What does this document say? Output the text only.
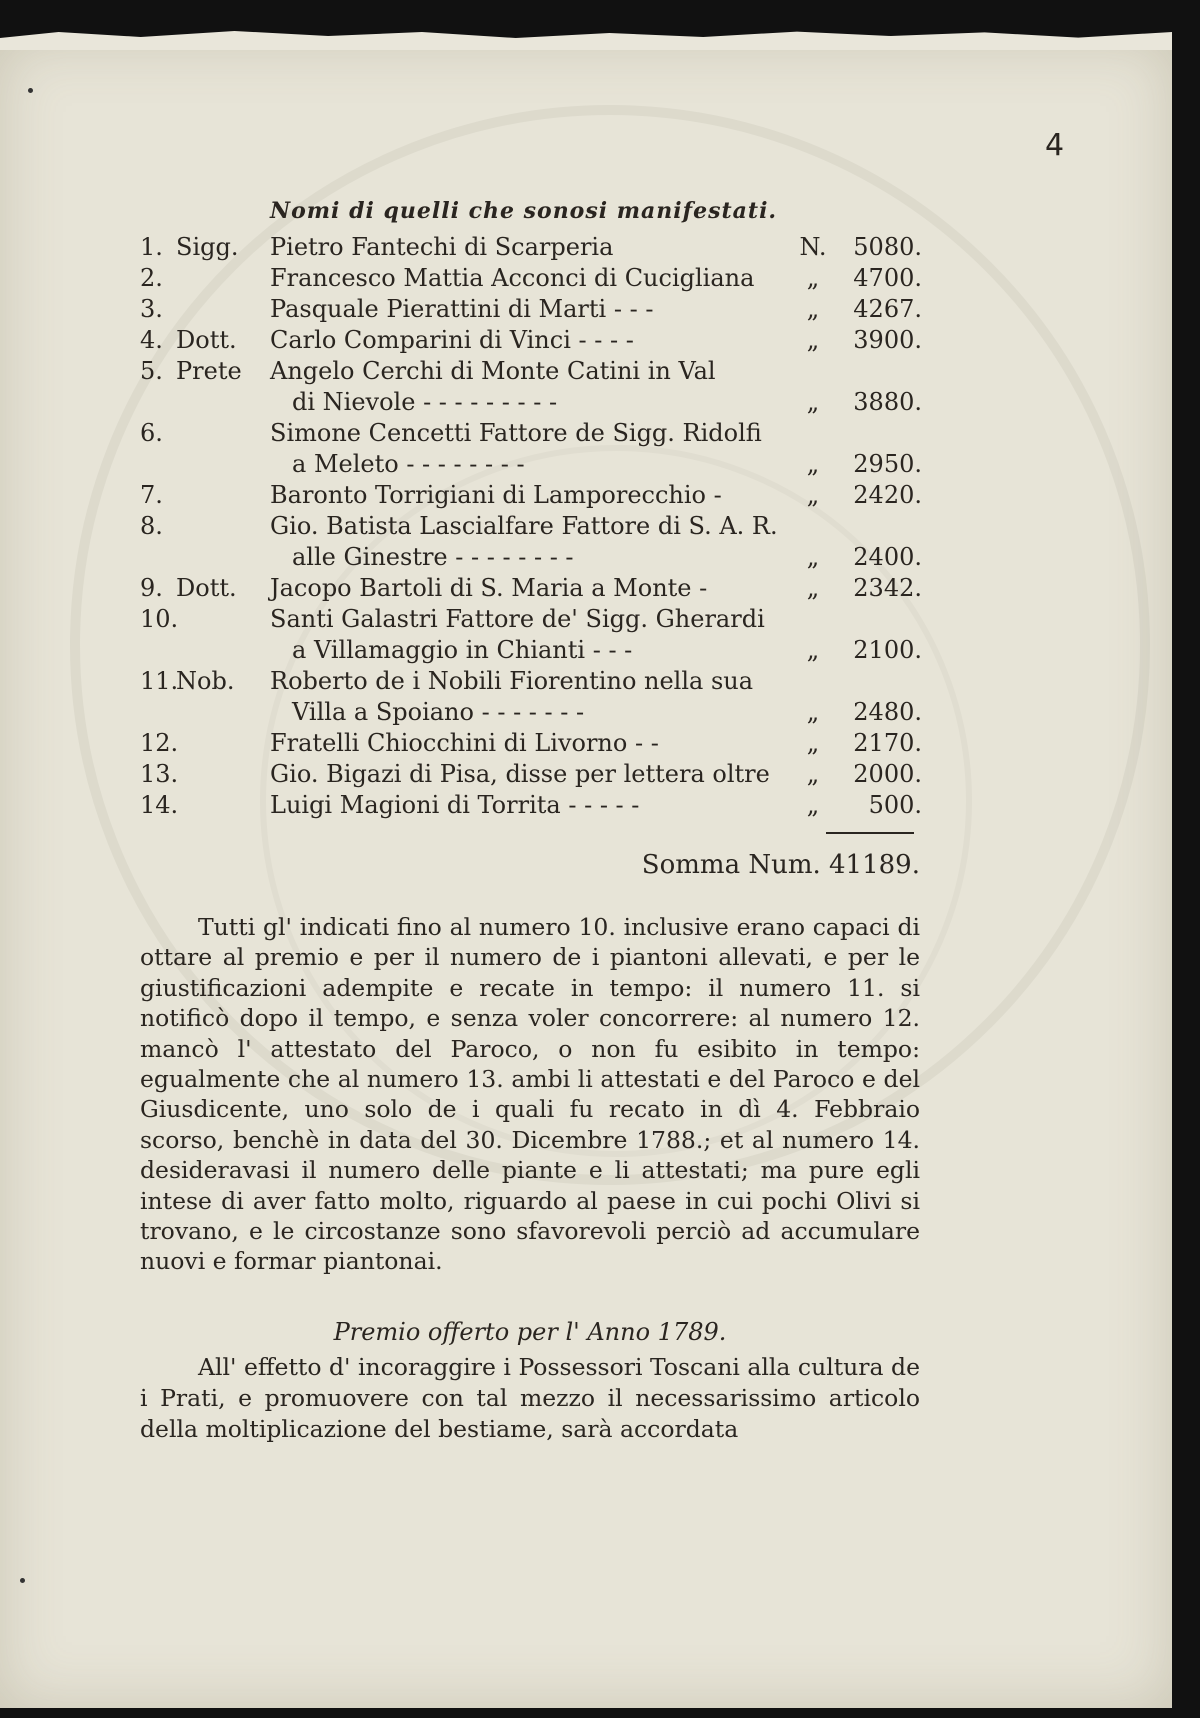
4
Nomi di quelli che sonosi manifestati.
1. Sigg.	Pietro Fantechi di Scarperia	N.	5080.
2.	Francesco Mattia Acconci di Cucigliana	„	4700.
3.	Pasquale Pierattini di Marti - - -	„	4267.
4. Dott.	Carlo Comparini di Vinci - - - -	„	3900.
5. Prete Angelo Cerchi di Monte Catini in Val
di Nievole - - - - - - - - -	„	3880.
6.	Simone Cencetti Fattore de Sigg. Ridolfi
a Meleto - - - - - - - -	„	2950.
7.	Baronto Torrigiani di Lamporecchio -	„	2420.
8.	Gio. Batista Lascialfare Fattore di S. A. R.
alle Ginestre - - - - - - - -	„	2400.
9. Dott.	Jacopo Bartoli di S. Maria a Monte -	„	2342.
10.	Santi Galastri Fattore de' Sigg. Gherardi
a Villamaggio in Chianti - - -	„	2100.
11.
Nob.	Roberto de i Nobili Fiorentino nella sua
Villa a Spoiano - - - - - - -	„	2480.
12.	Fratelli Chiocchini di Livorno - -	„	2170.
13.	Gio. Bigazi di Pisa, disse per lettera oltre	„	2000.
14.	Luigi Magioni di Torrita - - - - -	„	500.
Somma Num. 41189.

Tutti gl' indicati fino al numero 10. inclusive erano capaci di ottare al premio e per il numero de i piantoni allevati, e per le giustificazioni adempite e recate in tempo: il numero 11. si notificò dopo il tempo, e senza voler concorrere: al numero 12. mancò l' attestato del Paroco, o non fu esibito in tempo: egualmente che al numero 13. ambi li attestati e del Paroco e del Giusdicente, uno solo de i quali fu recato in dì 4. Febbraio scorso, benchè in data del 30. Dicembre 1788.; et al numero 14. desideravasi il numero delle piante e li attestati; ma pure egli intese di aver fatto molto, riguardo al paese in cui pochi Olivi si trovano, e le circostanze sono sfavorevoli perciò ad accumulare nuovi e formar piantonai.

Premio offerto per l' Anno 1789.

All' effetto d' incoraggire i Possessori Toscani alla cultura de i Prati, e promuovere con tal mezzo il necessarissimo articolo della moltiplicazione del bestiame, sarà accordata
